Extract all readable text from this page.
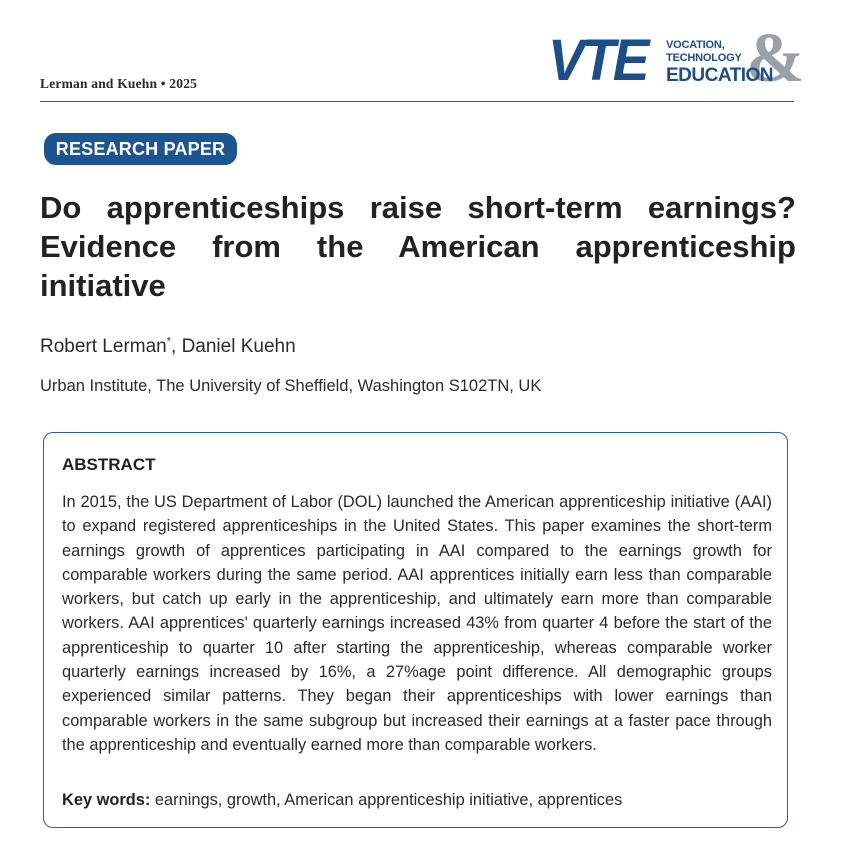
Lerman and Kuehn • 2025	&
VTE VOCATION,
TECHNOLOGY
EDUCATION
RESEARCH PAPER
Do apprenticeships raise short-term earnings? Evidence from the American apprenticeship initiative
Robert Lerman*, Daniel Kuehn
Urban Institute, The University of Sheffield, Washington S102TN, UK
ABSTRACT

In 2015, the US Department of Labor (DOL) launched the American apprenticeship initiative (AAI) to expand registered apprenticeships in the United States. This paper examines the short-term earnings growth of apprentices participating in AAI compared to the earnings growth for comparable workers during the same period. AAI apprentices initially earn less than comparable workers, but catch up early in the apprenticeship, and ultimately earn more than comparable workers. AAI apprentices' quarterly earnings increased 43% from quarter 4 before the start of the apprenticeship to quarter 10 after starting the apprenticeship, whereas comparable worker quarterly earnings increased by 16%, a 27%age point difference. All demographic groups experienced similar patterns. They began their apprenticeships with lower earnings than comparable workers in the same subgroup but increased their earnings at a faster pace through the apprenticeship and eventually earned more than comparable workers.

Key words: earnings, growth, American apprenticeship initiative, apprentices
